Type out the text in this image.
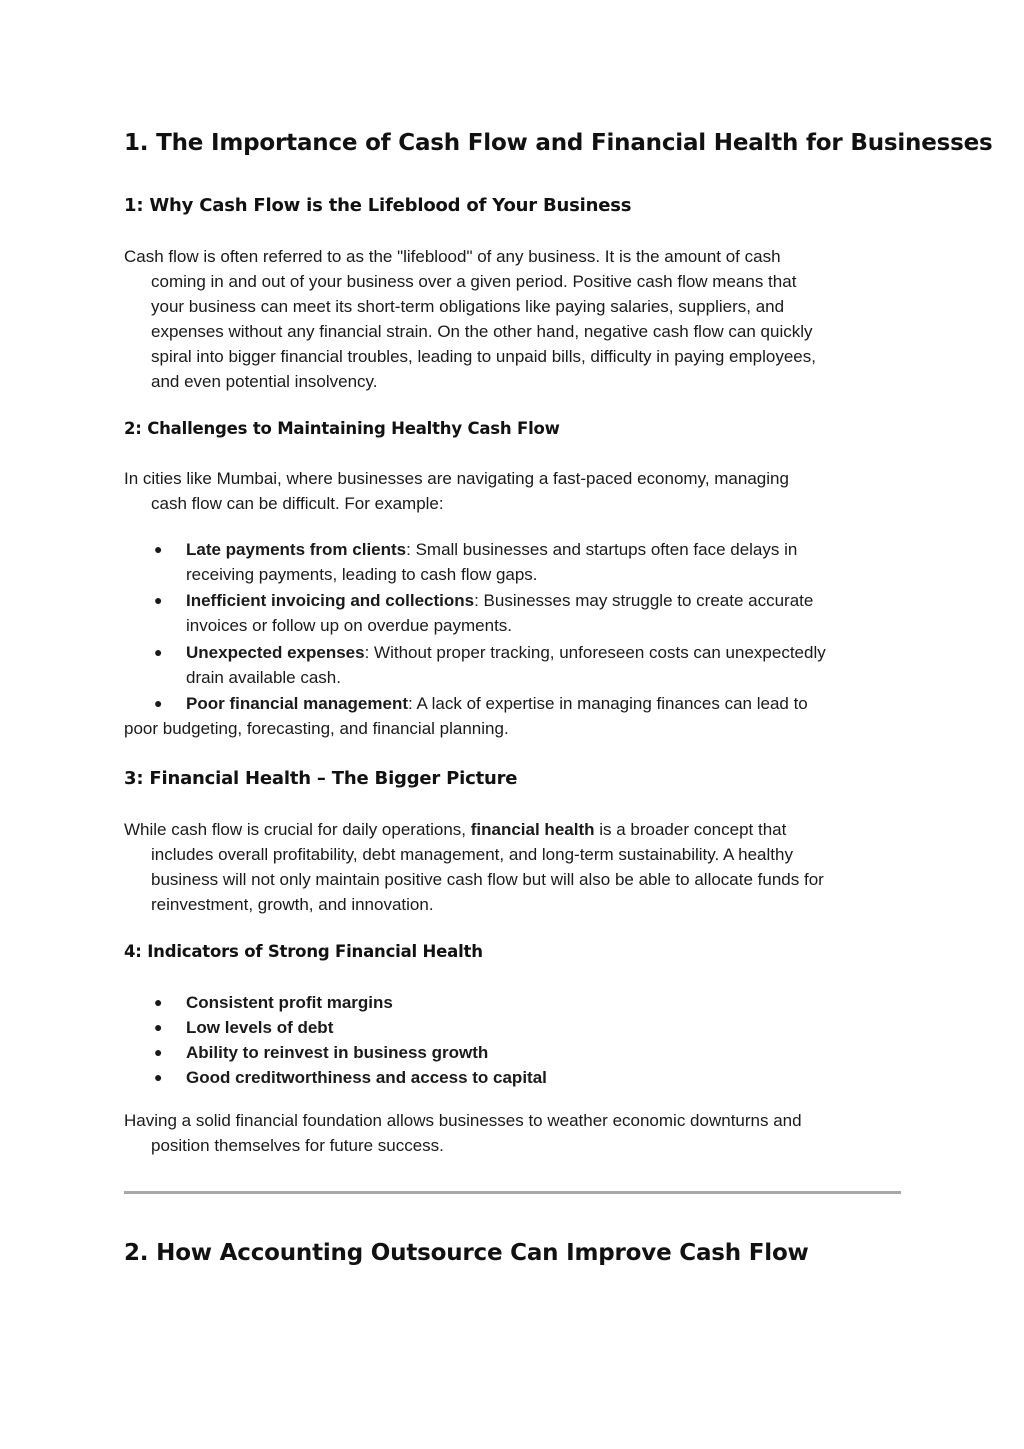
1. The Importance of Cash Flow and Financial Health for Businesses
1: Why Cash Flow is the Lifeblood of Your Business
Cash flow is often referred to as the "lifeblood" of any business. It is the amount of cash
coming in and out of your business over a given period. Positive cash flow means that
your business can meet its short-term obligations like paying salaries, suppliers, and
expenses without any financial strain. On the other hand, negative cash flow can quickly
spiral into bigger financial troubles, leading to unpaid bills, difficulty in paying employees,
and even potential insolvency.
2: Challenges to Maintaining Healthy Cash Flow
In cities like Mumbai, where businesses are navigating a fast-paced economy, managing
cash flow can be difficult. For example:
●	Late payments from clients: Small businesses and startups often face delays in
receiving payments, leading to cash flow gaps.
●	Inefficient invoicing and collections: Businesses may struggle to create accurate
invoices or follow up on overdue payments.
●	Unexpected expenses: Without proper tracking, unforeseen costs can unexpectedly
drain available cash.
●	Poor financial management: A lack of expertise in managing finances can lead to
poor budgeting, forecasting, and financial planning.
3: Financial Health – The Bigger Picture
While cash flow is crucial for daily operations, financial health is a broader concept that
includes overall profitability, debt management, and long-term sustainability. A healthy
business will not only maintain positive cash flow but will also be able to allocate funds for
reinvestment, growth, and innovation.
4: Indicators of Strong Financial Health
●	Consistent profit margins
●	Low levels of debt
●	Ability to reinvest in business growth
●	Good creditworthiness and access to capital
Having a solid financial foundation allows businesses to weather economic downturns and
position themselves for future success.
2. How Accounting Outsource Can Improve Cash Flow
